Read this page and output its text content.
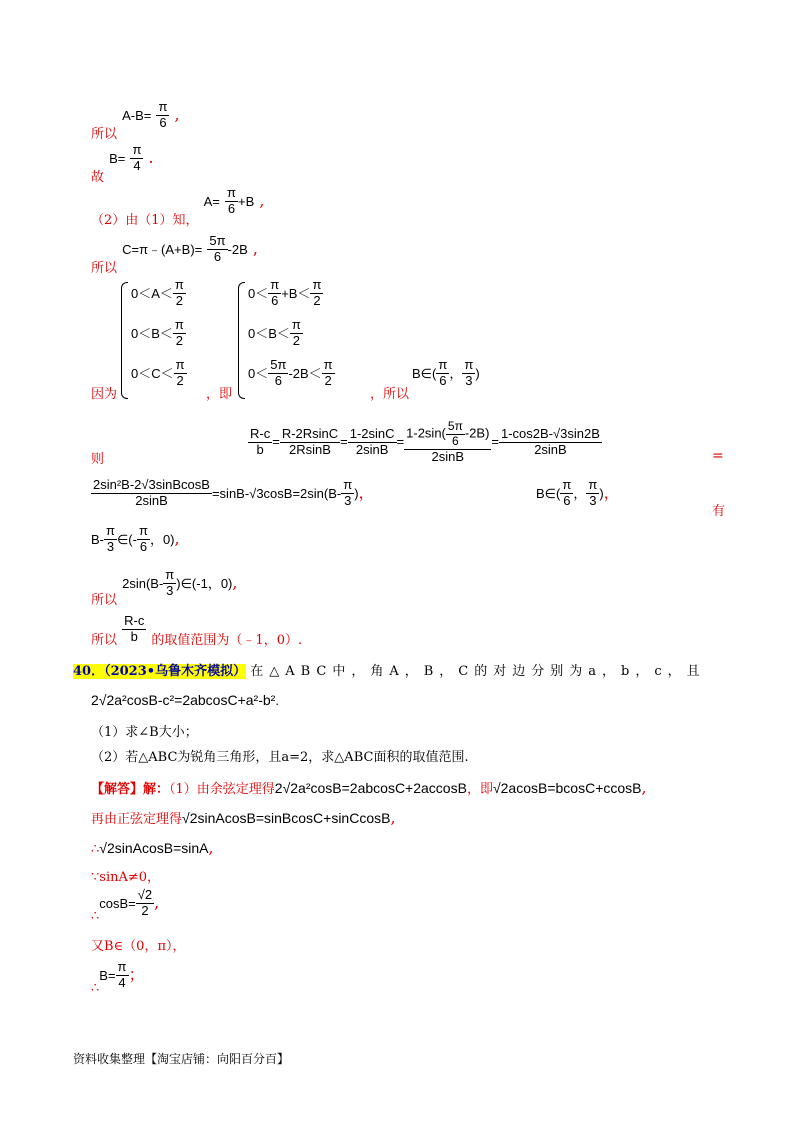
$_{所以}$ $A-B= \frac{\pi}{6}$ ,
$_故$ $B= \frac{\pi}{4}$ .
$_{(2)由(1)知,}$ $A= \frac{\pi}{6} +B$ ,
$_{所以}$ C=π﹣(A+B)= $\frac{5\pi}{6} -2B$ ,
$0<A< \frac{\pi}{2}$
$0<B< \frac{\pi}{2}$
$0<C< \frac{\pi}{2}$
$0< \frac{\pi}{6} +B< \frac{\pi}{2}$
$0<B< \frac{\pi}{2}$
$0< \frac{5\pi}{6} -2B< \frac{\pi}{2}$
因为	，即	，所以
B∈( $\frac{\pi}{6}$ ， $\frac{\pi}{3}$ )
则
$\frac{R-c}{b} = \frac{R-2RsinC}{2RsinB} = \frac{1-2\sin C}{2\sin B} = \frac{1-2\sin( \frac{5\pi}{6} -2B)}{2\sin B} = \frac{1-\cos 2B-√3\sin 2B}{2\sin B}$	=
$\frac{\text{2sin²B-2√3sinBcosB}}{2\sin B} =\sin B-√3\cos B=2\sin(B- \frac{\pi}{3}$ )，	B∈( $\frac{\pi}{6}$ ， $\frac{\pi}{3}$ )，
有
$B- \frac{\pi}{3}$ ∈(- $\frac{\pi}{6}$ ，0),
$_{所以}$ $2\sin(B- \frac{\pi}{3}$ )∈(-1，0),
$_{所以} \frac{R-c}{b} _{的取值范围为(﹣1,0).}$
40．（2023•乌鲁木齐模拟） 在△ABC中，角A，B，C的对边分别为a，b，c，且
2√2a²cosB-c²=2abcosC+a²-b².
（1）求∠B大小；
（2）若△ABC为锐角三角形，且a=2，求△ABC面积的取值范围.
【解答】解：（1）由余弦定理得2√2a²cosB=2abcosC+2accosB，即√2acosB=bcosC+ccosB,
再由正弦定理得√2sinAcosB=sinBcosC+sinCcosB,
∴√2sinAcosB=sinA,
∵sinA≠0，
$_\therefore\cos B= \frac{√2}{2}$ ,
又B∈（0，π），
$_\therefore B= \frac{\pi}{4}$ ；
资料收集整理【淘宝店铺：向阳百分百】
